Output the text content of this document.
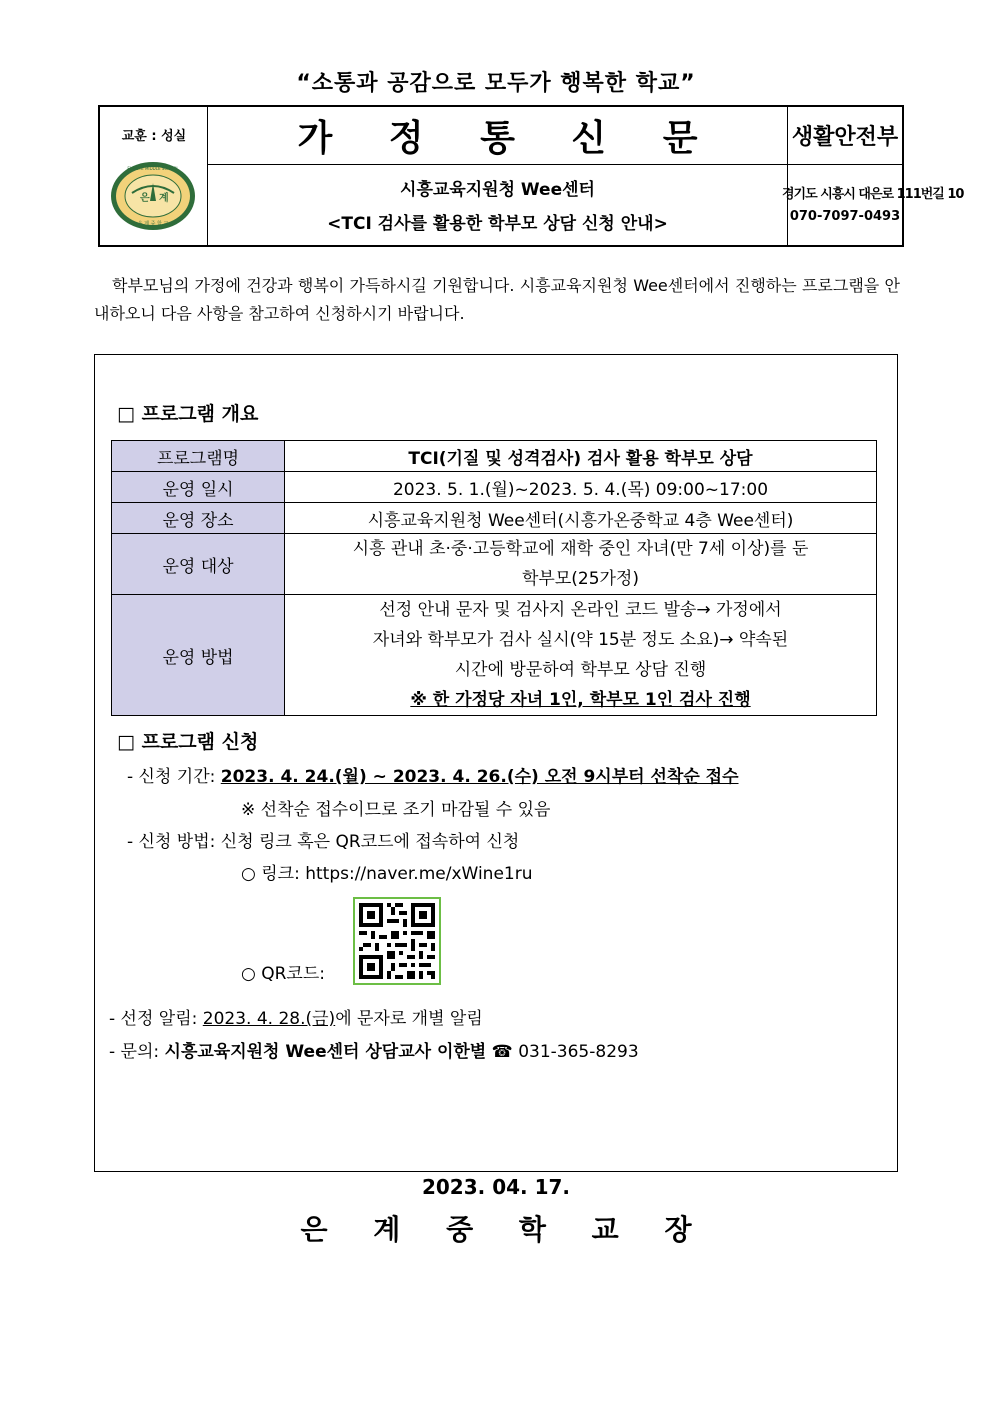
“소통과 공감으로 모두가 행복한 학교”
교훈 : 성실
은 계
EUNGYE MIDDLE SCHOOL
은 계 중 학 교
가 정 통 신 문	생활안전부
시흥교육지원청 Wee센터
<TCI 검사를 활용한 학부모 상담 신청 안내>
경기도 시흥시 대은로 111번길 10
070-7097-0493
학부모님의 가정에 건강과 행복이 가득하시길 기원합니다. 시흥교육지원청 Wee센터에서 진행하는 프로그램을 안내하오니 다음 사항을 참고하여 신청하시기 바랍니다.
□ 프로그램 개요
프로그램명	TCI(기질 및 성격검사) 검사 활용 학부모 상담
운영 일시	2023. 5. 1.(월)~2023. 5. 4.(목) 09:00~17:00
운영 장소	시흥교육지원청 Wee센터(시흥가온중학교 4층 Wee센터)
운영 대상	시흥 관내 초·중·고등학교에 재학 중인 자녀(만 7세 이상)를 둔
학부모(25가정)

운영 방법	선정 안내 문자 및 검사지 온라인 코드 발송→ 가정에서
자녀와 학부모가 검사 실시(약 15분 정도 소요)→ 약속된
시간에 방문하여 학부모 상담 진행
※ 한 가정당 자녀 1인, 학부모 1인 검사 진행
□ 프로그램 신청
- 신청 기간: 2023. 4. 24.(월) ~ 2023. 4. 26.(수) 오전 9시부터 선착순 접수
※ 선착순 접수이므로 조기 마감될 수 있음
- 신청 방법: 신청 링크 혹은 QR코드에 접속하여 신청
○ 링크: https://naver.me/xWine1ru
○ QR코드:
- 선정 알림: 2023. 4. 28.(금)에 문자로 개별 알림
- 문의: 시흥교육지원청 Wee센터 상담교사 이한별 ☎ 031-365-8293
2023. 04. 17.
은 계 중 학 교 장
